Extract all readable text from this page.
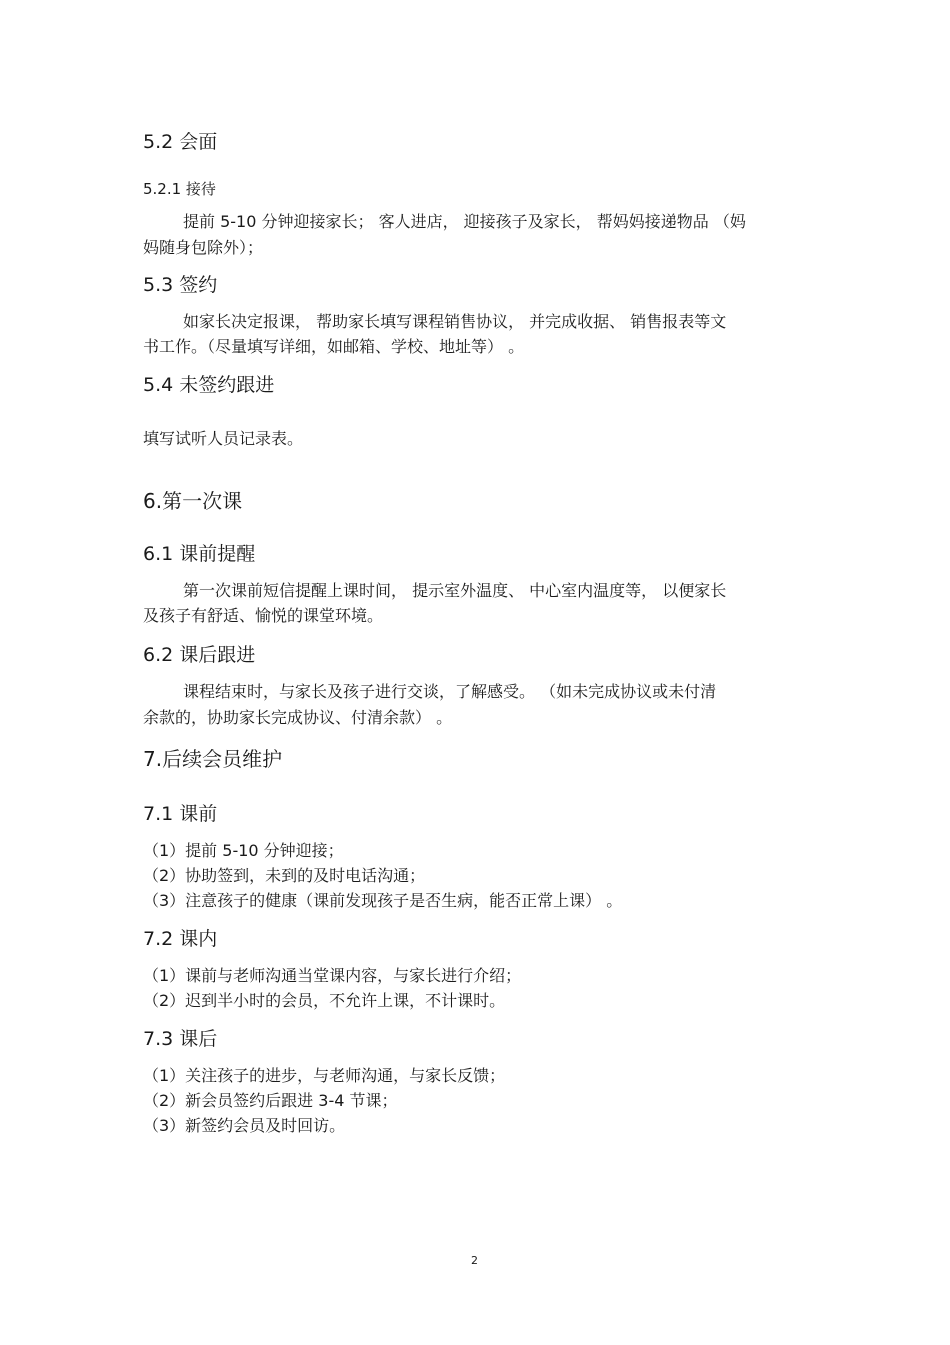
5.2 会面
5.2.1 接待
提前 5-10 分钟迎接家长； 客人进店， 迎接孩子及家长， 帮妈妈接递物品 （妈
妈随身包除外）；
5.3 签约
如家长决定报课， 帮助家长填写课程销售协议， 并完成收据、 销售报表等文
书工作。（尽量填写详细，如邮箱、学校、地址等） 。
5.4 未签约跟进
填写试听人员记录表。
6.第一次课
6.1 课前提醒
第一次课前短信提醒上课时间， 提示室外温度、 中心室内温度等， 以便家长
及孩子有舒适、愉悦的课堂环境。
6.2 课后跟进
课程结束时，与家长及孩子进行交谈，了解感受。 （如未完成协议或未付清
余款的，协助家长完成协议、付清余款） 。
7.后续会员维护
7.1 课前
（1）提前 5-10 分钟迎接；
（2）协助签到，未到的及时电话沟通；
（3）注意孩子的健康（课前发现孩子是否生病，能否正常上课） 。
7.2 课内
（1）课前与老师沟通当堂课内容，与家长进行介绍；
（2）迟到半小时的会员，不允许上课，不计课时。
7.3 课后
（1）关注孩子的进步，与老师沟通，与家长反馈；
（2）新会员签约后跟进 3-4 节课；
（3）新签约会员及时回访。
2
